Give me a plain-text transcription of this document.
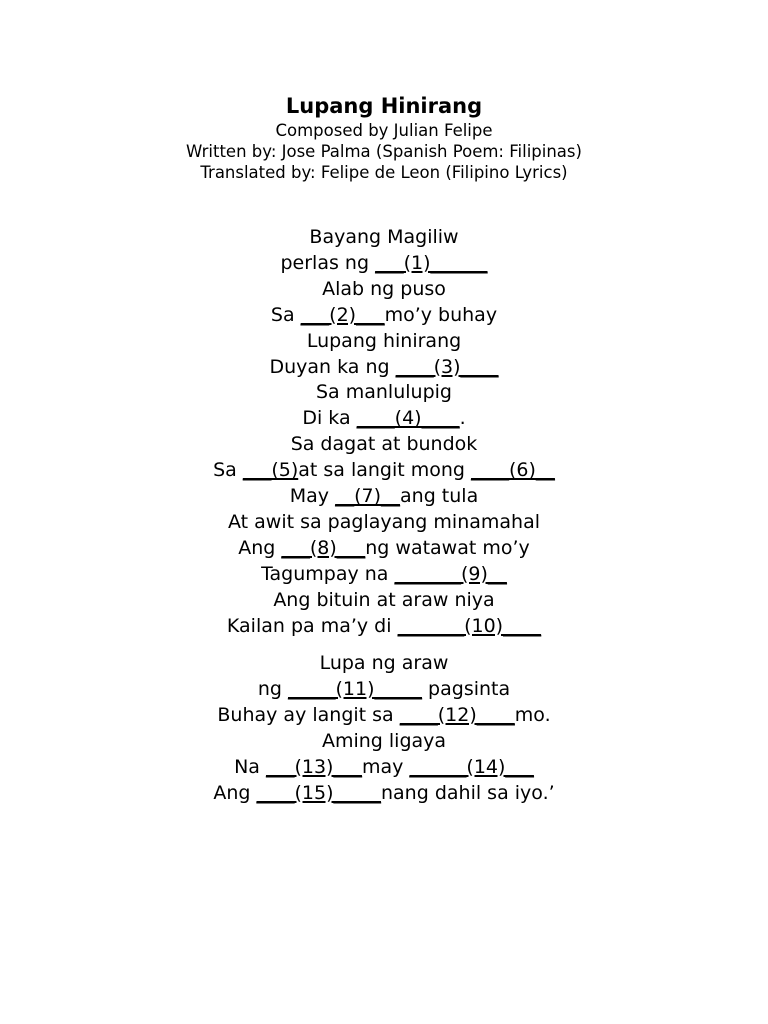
Lupang Hinirang
Composed by Julian Felipe
Written by: Jose Palma (Spanish Poem: Filipinas)
Translated by: Felipe de Leon (Filipino Lyrics)
Bayang Magiliw
perlas ng ___(1)______
Alab ng puso
Sa ___(2)___mo’y buhay
Lupang hinirang
Duyan ka ng ____(3)____
Sa manlulupig
Di ka ____(4)____.
Sa dagat at bundok
Sa ___(5)at sa langit mong ____(6)__
May __(7)__ang tula
At awit sa paglayang minamahal
Ang ___(8)___ng watawat mo’y
Tagumpay na _______(9)__
Ang bituin at araw niya
Kailan pa ma’y di _______(10)____
Lupa ng araw
ng _____(11)_____ pagsinta
Buhay ay langit sa ____(12)____mo.
Aming ligaya
Na ___(13)___may ______(14)___
Ang ____(15)_____nang dahil sa iyo.’
